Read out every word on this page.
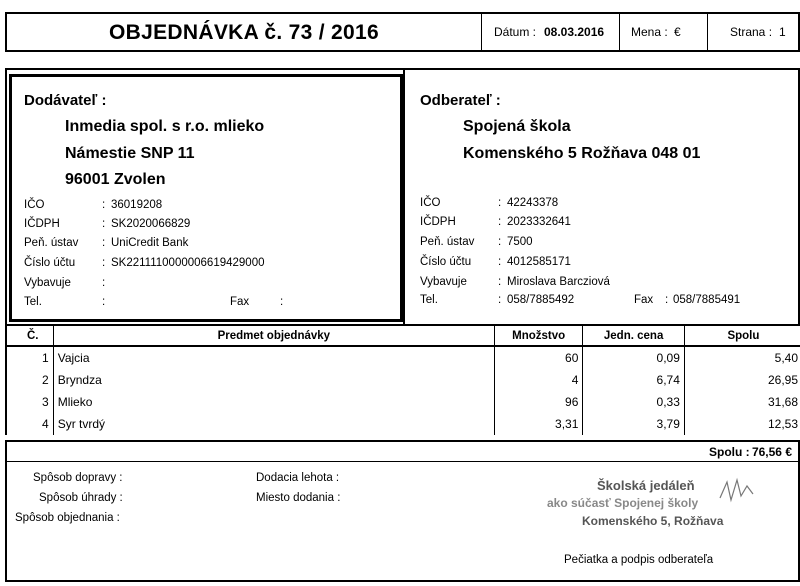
OBJEDNÁVKA č. 73 / 2016	Dátum : 08.03.2016 Mena : €	Strana : 1
Dodávateľ :
Inmedia spol. s r.o. mlieko
Námestie SNP 11
96001 Zvolen
IČO	: 36019208
IČDPH	: SK2020066829
Peň. ústav : UniCredit Bank
Číslo účtu : SK2211110000006619429000
Vybavuje	:
Tel.	:	Fax	:
Odberateľ :
Spojená škola
Komenského 5 Rožňava 048 01
IČO	: 42243378
IČDPH	: 2023332641
Peň. ústav : 7500
Číslo účtu : 4012585171
Vybavuje	: Miroslava Barcziová
Tel.	: 058/7885492	Fax : 058/7885491
Č.	Predmet objednávky	Množstvo	Jedn. cena	Spolu
1	Vajcia	60	0,09	5,40
2	Bryndza	4	6,74	26,95
3	Mlieko	96	0,33	31,68
4	Syr tvrdý	3,31	3,79	12,53
Spolu : 76,56 €
Spôsob dopravy :
Spôsob úhrady :
Spôsob objednania :
Dodacia lehota :
Miesto dodania :
Školská jedáleň
ako súčasť Spojenej školy
Komenského 5, Rožňava
Pečiatka a podpis odberateľa
